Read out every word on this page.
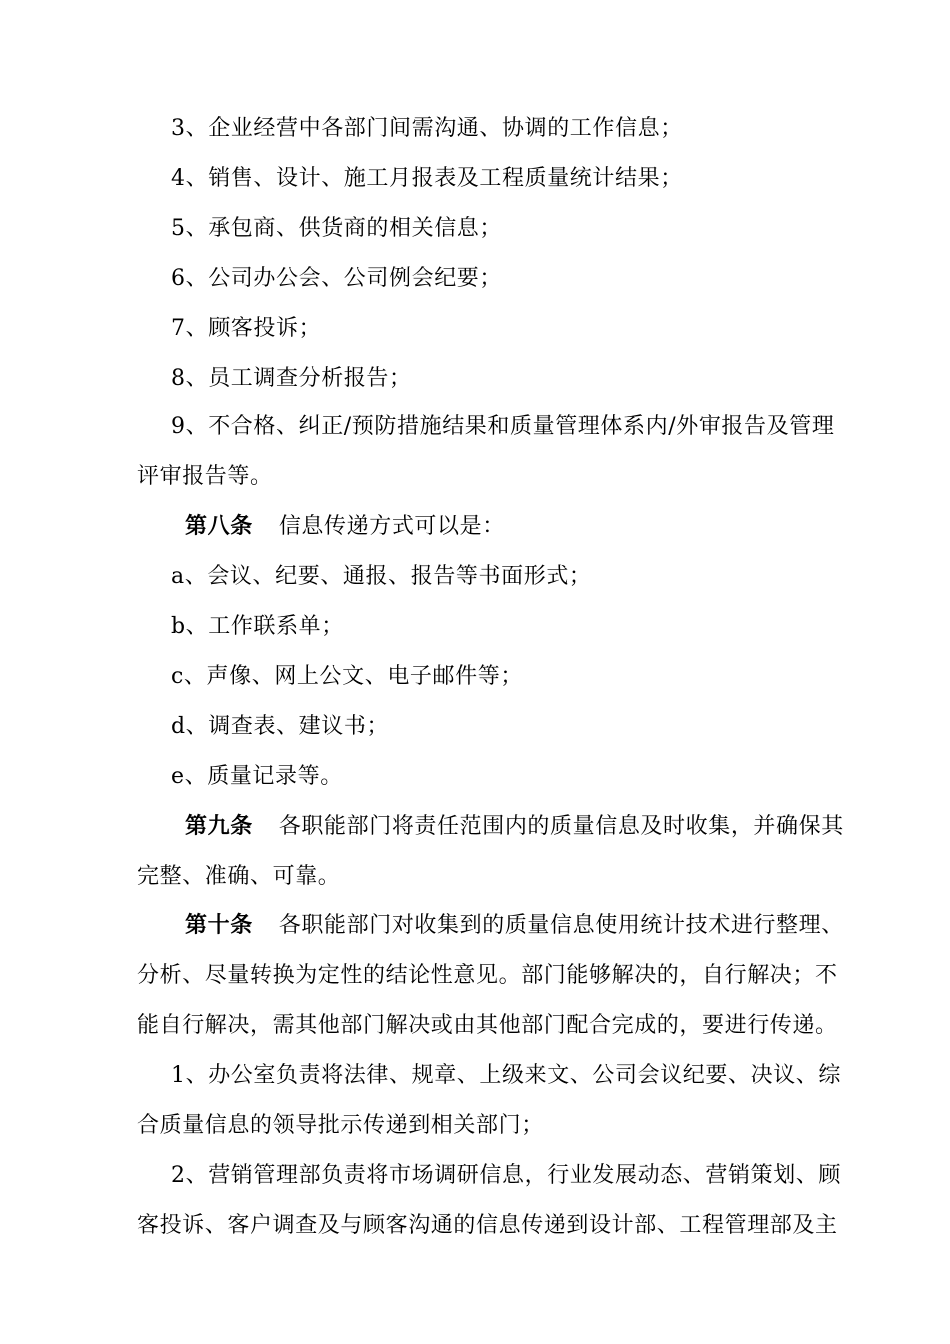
3、企业经营中各部门间需沟通、协调的工作信息；
4、销售、设计、施工月报表及工程质量统计结果；
5、承包商、供货商的相关信息；
6、公司办公会、公司例会纪要；
7、顾客投诉；
8、员工调查分析报告；
9、不合格、纠正/预防措施结果和质量管理体系内/外审报告及管理
评审报告等。
第八条 信息传递方式可以是：
a、会议、纪要、通报、报告等书面形式；
b、工作联系单；
c、声像、网上公文、电子邮件等；
d、调查表、建议书；
e、质量记录等。
第九条 各职能部门将责任范围内的质量信息及时收集，并确保其
完整、准确、可靠。
第十条 各职能部门对收集到的质量信息使用统计技术进行整理、
分析、尽量转换为定性的结论性意见。部门能够解决的，自行解决；不
能自行解决，需其他部门解决或由其他部门配合完成的，要进行传递。
1、办公室负责将法律、规章、上级来文、公司会议纪要、决议、综
合质量信息的领导批示传递到相关部门；
2、营销管理部负责将市场调研信息，行业发展动态、营销策划、顾
客投诉、客户调查及与顾客沟通的信息传递到设计部、工程管理部及主
